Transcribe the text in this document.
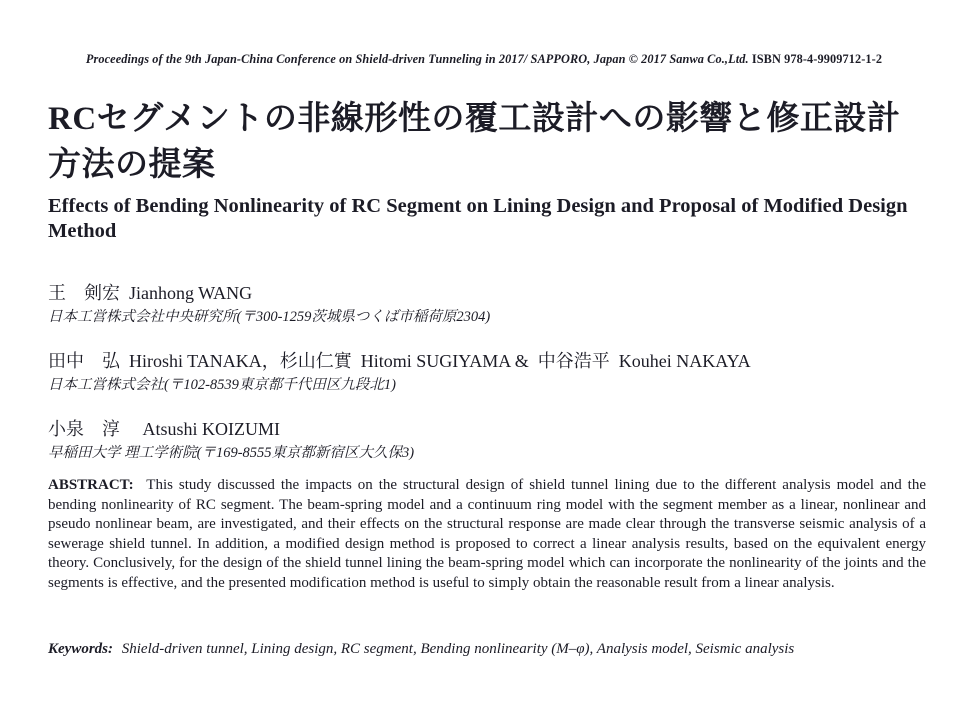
Proceedings of the 9th Japan-China Conference on Shield-driven Tunneling in 2017/ SAPPORO, Japan © 2017 Sanwa Co.,Ltd. ISBN 978-4-9909712-1-2
RCセグメントの非線形性の覆工設計への影響と修正設計
方法の提案
Effects of Bending Nonlinearity of RC Segment on Lining Design and Proposal of Modified Design Method
王　剣宏  Jianhong WANG
日本工営株式会社中央研究所(〒300-1259茨城県つくば市稲荷原2304)
田中　弘  Hiroshi TANAKA，杉山仁實  Hitomi SUGIYAMA &  中谷浩平  Kouhei NAKAYA
日本工営株式会社(〒102-8539東京都千代田区九段北1)
小泉　淳　 Atsushi KOIZUMI
早稲田大学 理工学術院(〒169-8555東京都新宿区大久保3)

ABSTRACT: This study discussed the impacts on the structural design of shield tunnel lining due to the different analysis model and the bending nonlinearity of RC segment. The beam-spring model and a continuum ring model with the segment member as a linear, nonlinear and pseudo nonlinear beam, are investigated, and their effects on the structural response are made clear through the transverse seismic analysis of a sewerage shield tunnel. In addition, a modified design method is proposed to correct a linear analysis results, based on the equivalent energy theory. Conclusively, for the design of the shield tunnel lining the beam-spring model which can incorporate the nonlinearity of the joints and the segments is effective, and the presented modification method is useful to simply obtain the reasonable result from a linear analysis.

Keywords: Shield-driven tunnel, Lining design, RC segment, Bending nonlinearity (M–φ), Analysis model, Seismic analysis
